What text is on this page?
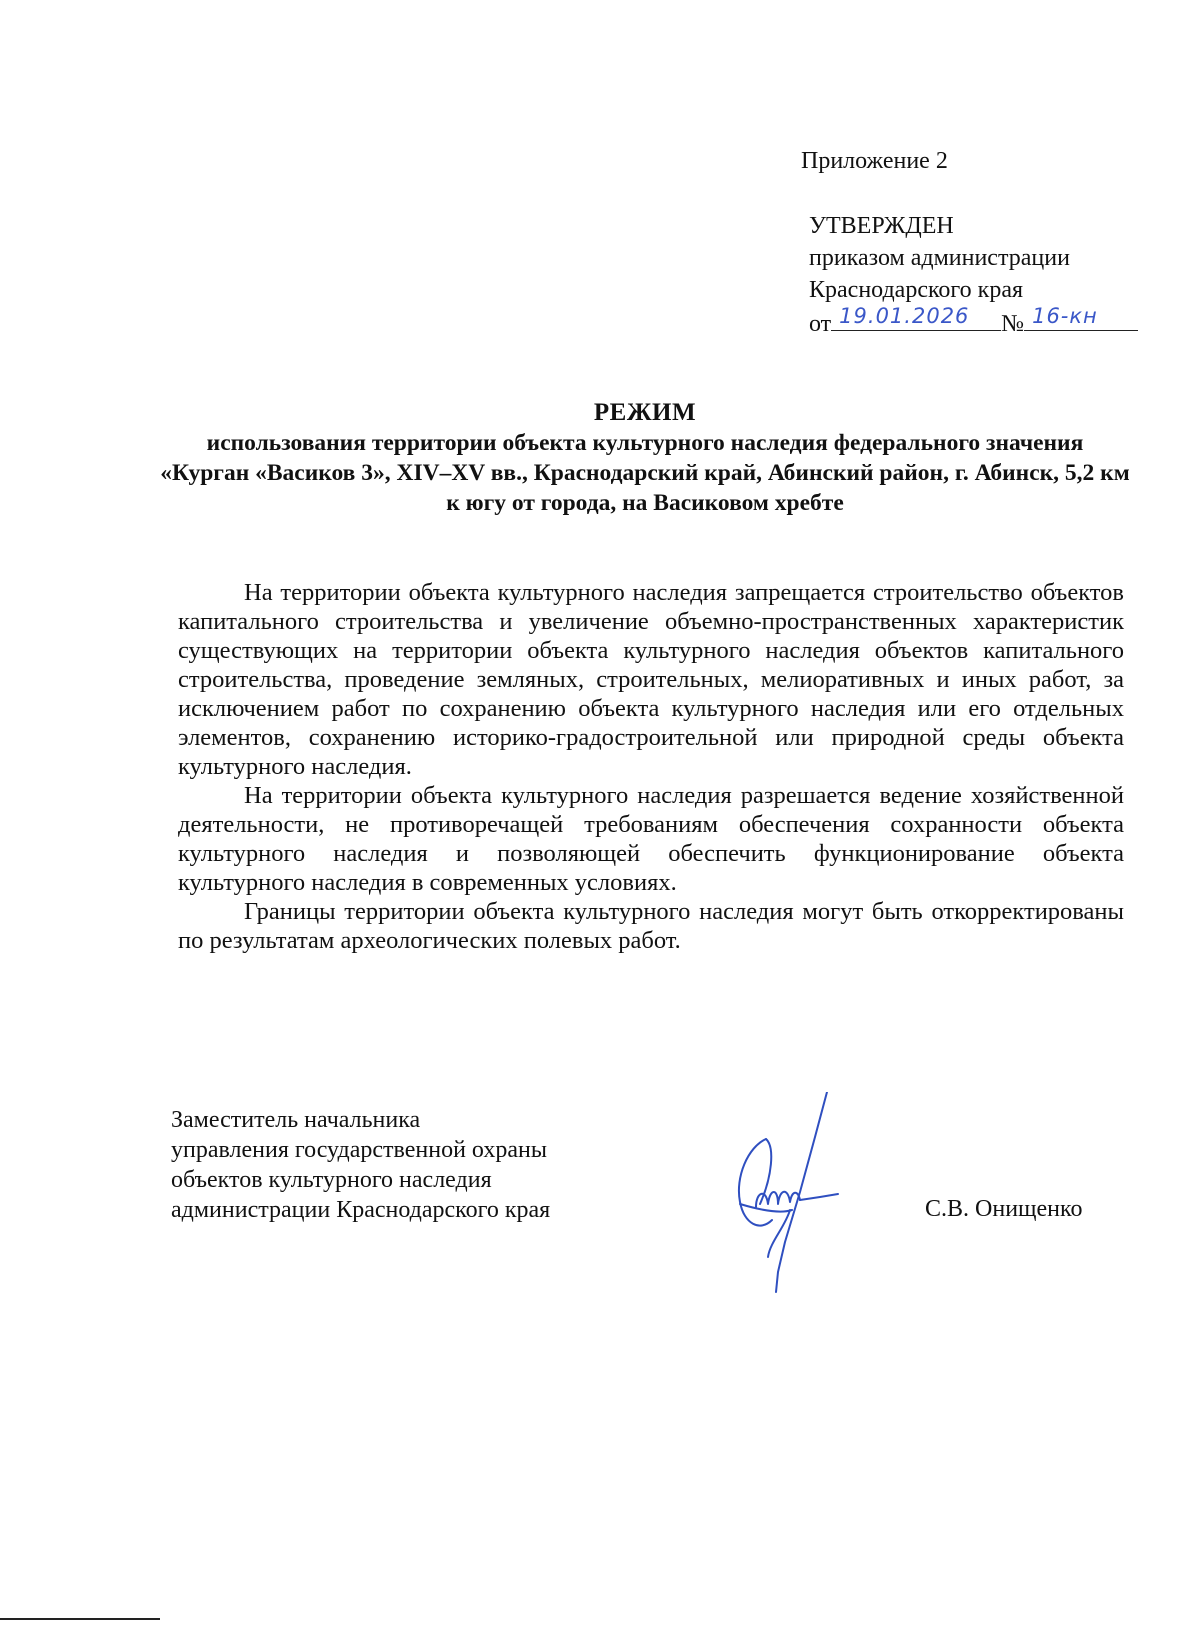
Приложение 2
УТВЕРЖДЕН
приказом администрации
Краснодарского края
от 19.01.2026 № 16-кн
РЕЖИМ
использования территории объекта культурного наследия федерального значения «Курган «Васиков 3», XIV–XV вв., Краснодарский край, Абинский район, г. Абинск, 5,2 км к югу от города, на Васиковом хребте

На территории объекта культурного наследия запрещается строительство объектов капитального строительства и увеличение объемно-пространственных характеристик существующих на территории объекта культурного наследия объектов капитального строительства, проведение земляных, строительных, мелиоративных и иных работ, за исключением работ по сохранению объекта культурного наследия или его отдельных элементов, сохранению историко-градостроительной или природной среды объекта культурного наследия.

На территории объекта культурного наследия разрешается ведение хозяйственной деятельности, не противоречащей требованиям обеспечения сохранности объекта культурного наследия и позволяющей обеспечить функционирование объекта культурного наследия в современных условиях.

Границы территории объекта культурного наследия могут быть откорректированы по результатам археологических полевых работ.

Заместитель начальника
управления государственной охраны
объектов культурного наследия
администрации Краснодарского края	С.В. Онищенко
